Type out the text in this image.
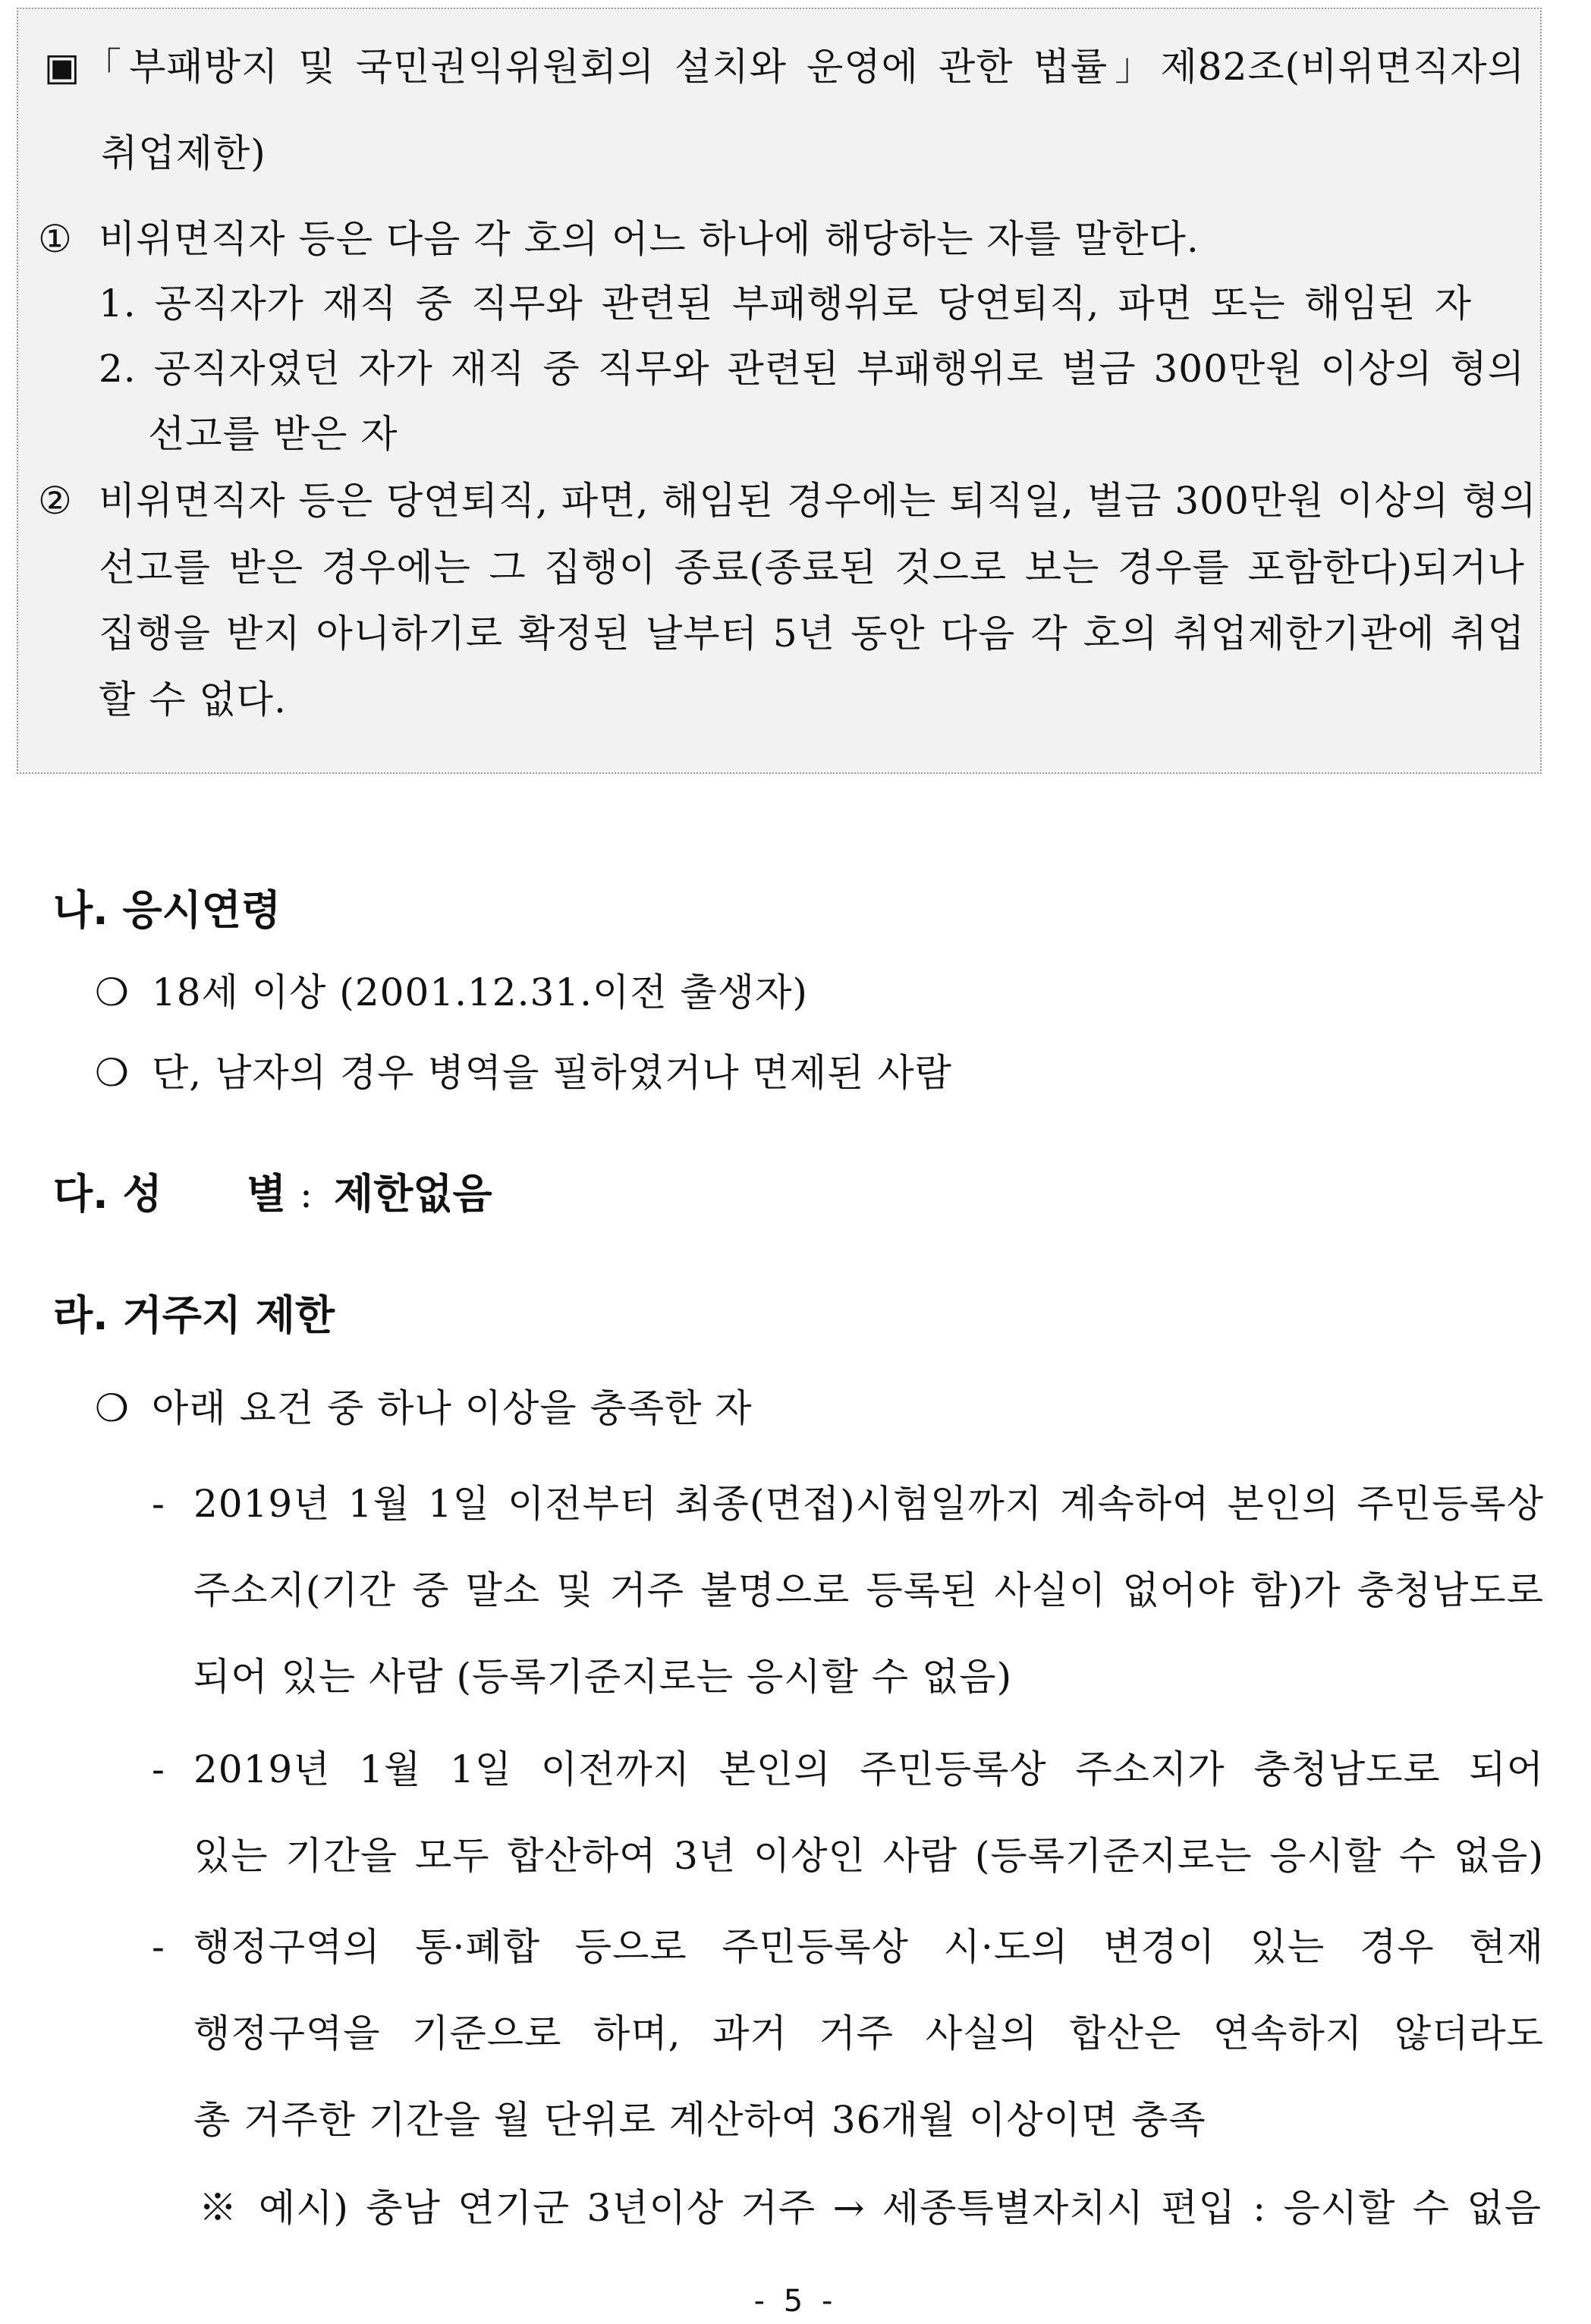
▣ 「부패방지 및 국민권익위원회의 설치와 운영에 관한 법률」제82조(비위면직자의
취업제한)
① 비위면직자 등은 다음 각 호의 어느 하나에 해당하는 자를 말한다.
1. 공직자가 재직 중 직무와 관련된 부패행위로 당연퇴직, 파면 또는 해임된 자
2. 공직자였던 자가 재직 중 직무와 관련된 부패행위로 벌금 300만원 이상의 형의
선고를 받은 자
② 비위면직자 등은 당연퇴직, 파면, 해임된 경우에는 퇴직일, 벌금 300만원 이상의 형의
선고를 받은 경우에는 그 집행이 종료(종료된 것으로 보는 경우를 포함한다)되거나
집행을 받지 아니하기로 확정된 날부터 5년 동안 다음 각 호의 취업제한기관에 취업
할 수 없다.
나. 응시연령
❍ 18세 이상 (2001.12.31.이전 출생자)
❍ 단, 남자의 경우 병역을 필하였거나 면제된 사람
다. 성 별 : 제한없음
라. 거주지 제한
❍ 아래 요건 중 하나 이상을 충족한 자
- 2019년 1월 1일 이전부터 최종(면접)시험일까지 계속하여 본인의 주민등록상
주소지(기간 중 말소 및 거주 불명으로 등록된 사실이 없어야 함)가 충청남도로
되어 있는 사람 (등록기준지로는 응시할 수 없음)
- 2019년 1월 1일 이전까지 본인의 주민등록상 주소지가 충청남도로 되어
있는 기간을 모두 합산하여 3년 이상인 사람 (등록기준지로는 응시할 수 없음)
- 행정구역의 통·폐합 등으로 주민등록상 시·도의 변경이 있는 경우 현재
행정구역을 기준으로 하며, 과거 거주 사실의 합산은 연속하지 않더라도
총 거주한 기간을 월 단위로 계산하여 36개월 이상이면 충족
※ 예시) 충남 연기군 3년이상 거주 → 세종특별자치시 편입 : 응시할 수 없음
- 5 -
